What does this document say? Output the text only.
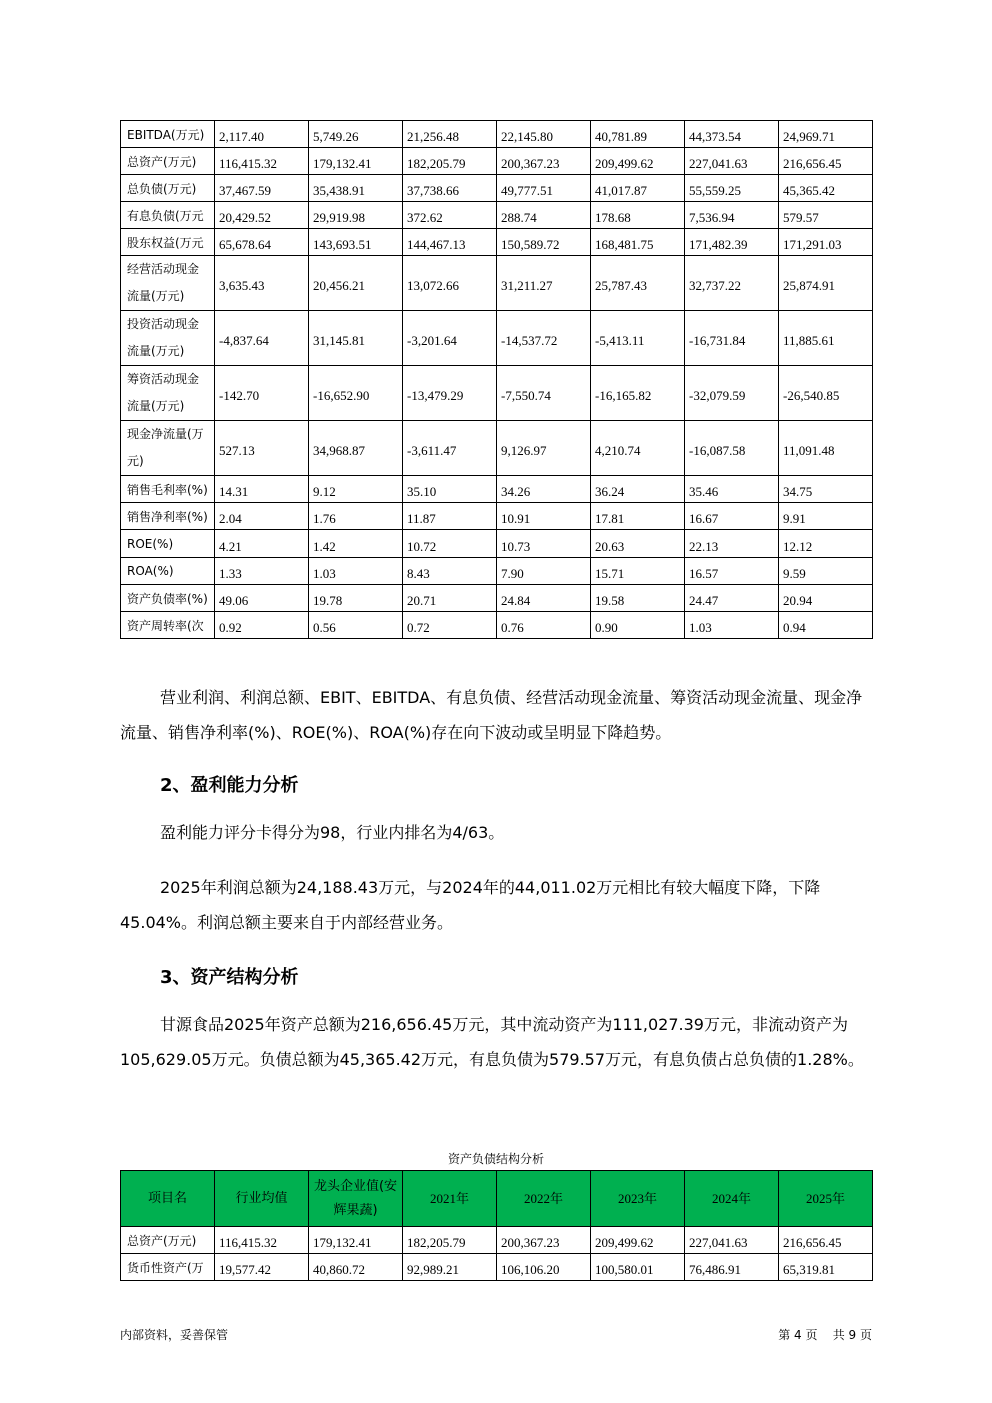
EBITDA(万元)	2,117.40	5,749.26	21,256.48	22,145.80	40,781.89	44,373.54	24,969.71
总资产(万元)	116,415.32	179,132.41	182,205.79	200,367.23	209,499.62	227,041.63	216,656.45
总负债(万元)	37,467.59	35,438.91	37,738.66	49,777.51	41,017.87	55,559.25	45,365.42
有息负债(万元	20,429.52	29,919.98	372.62	288.74	178.68	7,536.94	579.57
股东权益(万元	65,678.64	143,693.51	144,467.13	150,589.72	168,481.75	171,482.39	171,291.03
经营活动现金流量(万元)	3,635.43	20,456.21	13,072.66	31,211.27	25,787.43	32,737.22	25,874.91
投资活动现金流量(万元)	-4,837.64	31,145.81	-3,201.64	-14,537.72	-5,413.11	-16,731.84	11,885.61
筹资活动现金流量(万元)	-142.70	-16,652.90	-13,479.29	-7,550.74	-16,165.82	-32,079.59	-26,540.85
现金净流量(万元)	527.13	34,968.87	-3,611.47	9,126.97	4,210.74	-16,087.58	11,091.48
销售毛利率(%)	14.31	9.12	35.10	34.26	36.24	35.46	34.75
销售净利率(%)	2.04	1.76	11.87	10.91	17.81	16.67	9.91
ROE(%)	4.21	1.42	10.72	10.73	20.63	22.13	12.12
ROA(%)	1.33	1.03	8.43	7.90	15.71	16.57	9.59
资产负债率(%)	49.06	19.78	20.71	24.84	19.58	24.47	20.94
资产周转率(次	0.92	0.56	0.72	0.76	0.90	1.03	0.94

营业利润、利润总额、EBIT、EBITDA、有息负债、经营活动现金流量、筹资活动现金流量、现金净流量、销售净利率(%)、ROE(%)、ROA(%)存在向下波动或呈明显下降趋势。

2、盈利能力分析

盈利能力评分卡得分为98，行业内排名为4/63。

2025年利润总额为24,188.43万元，与2024年的44,011.02万元相比有较大幅度下降，下降45.04%。利润总额主要来自于内部经营业务。

3、资产结构分析

甘源食品2025年资产总额为216,656.45万元，其中流动资产为111,027.39万元，非流动资产为105,629.05万元。负债总额为45,365.42万元，有息负债为579.57万元，有息负债占总负债的1.28%。

资产负债结构分析

项目名	行业均值	龙头企业值(安辉果蔬)	2021年	2022年	2023年	2024年	2025年
总资产(万元)	116,415.32	179,132.41	182,205.79	200,367.23	209,499.62	227,041.63	216,656.45
货币性资产(万	19,577.42	40,860.72	92,989.21	106,106.20	100,580.01	76,486.91	65,319.81
内部资料，妥善保管	第 4 页    共 9 页
